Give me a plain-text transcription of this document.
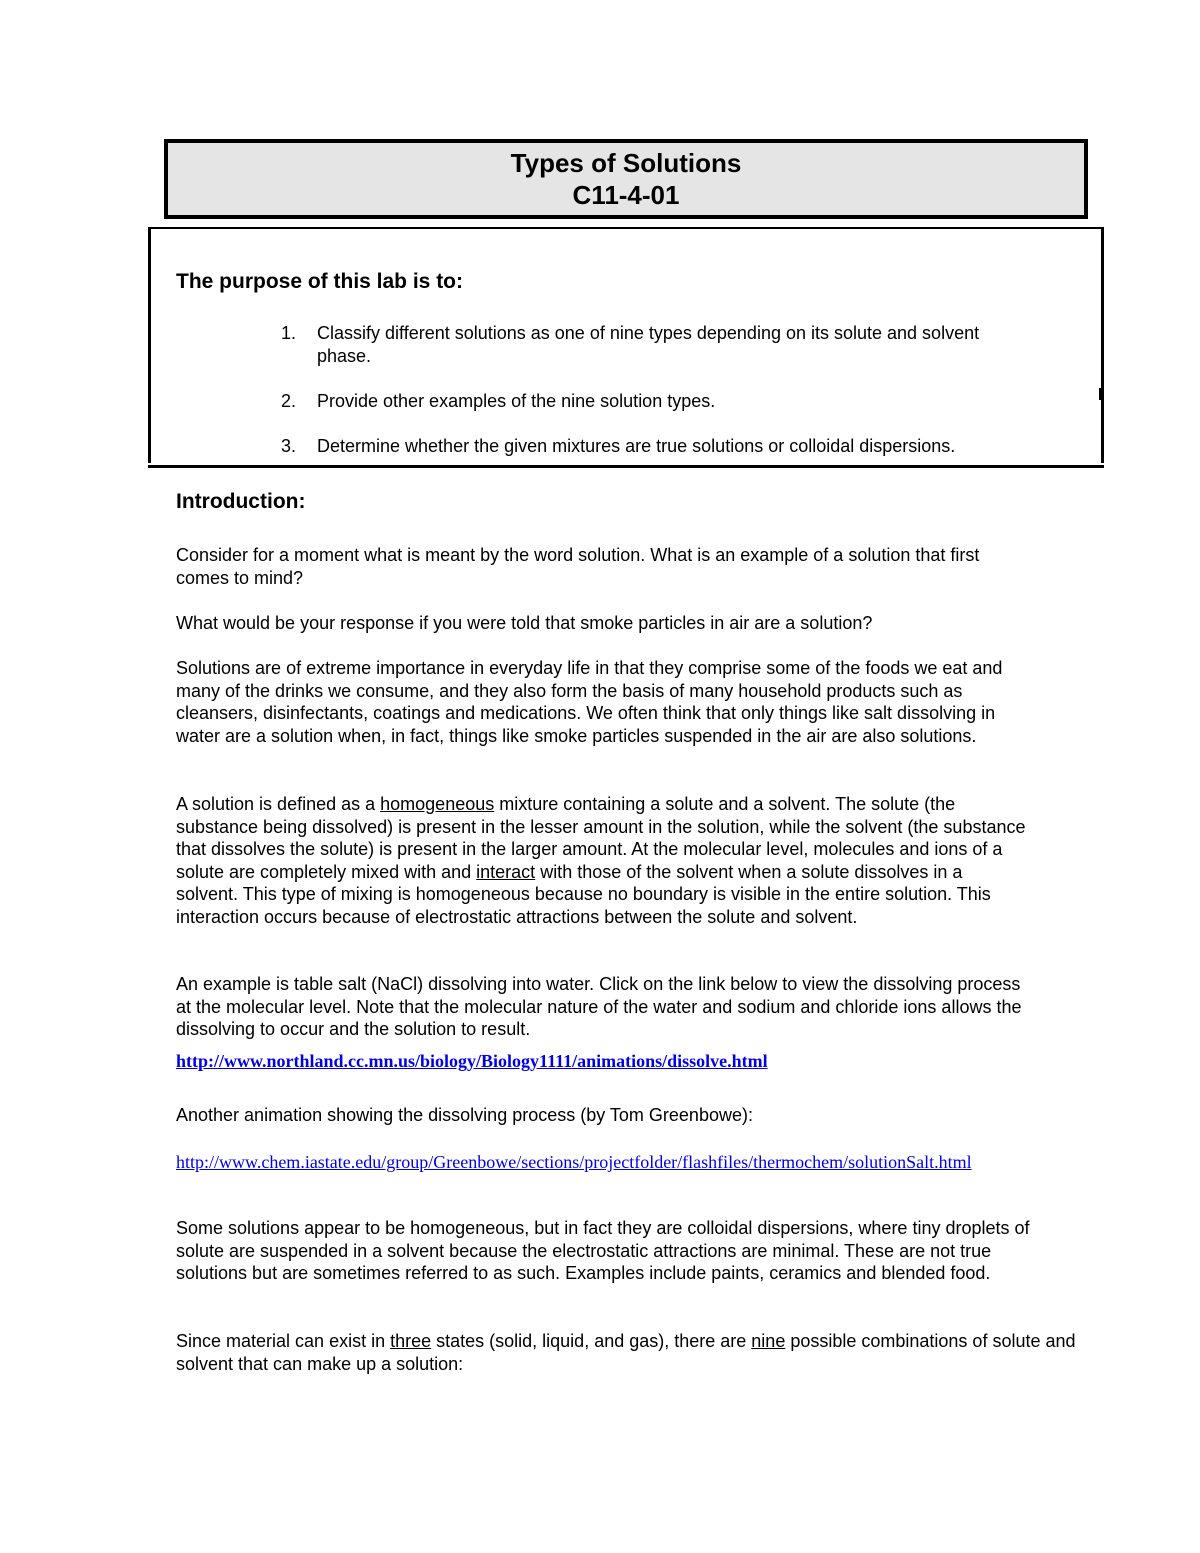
Types of Solutions
C11-4-01
The purpose of this lab is to:
1. Classify different solutions as one of nine types depending on its solute and solvent phase.
2. Provide other examples of the nine solution types.
3. Determine whether the given mixtures are true solutions or colloidal dispersions.
Introduction:
Consider for a moment what is meant by the word solution. What is an example of a solution that first comes to mind?
What would be your response if you were told that smoke particles in air are a solution?
Solutions are of extreme importance in everyday life in that they comprise some of the foods we eat and many of the drinks we consume, and they also form the basis of many household products such as cleansers, disinfectants, coatings and medications. We often think that only things like salt dissolving in water are a solution when, in fact, things like smoke particles suspended in the air are also solutions.
A solution is defined as a homogeneous mixture containing a solute and a solvent. The solute (the substance being dissolved) is present in the lesser amount in the solution, while the solvent (the substance that dissolves the solute) is present in the larger amount. At the molecular level, molecules and ions of a solute are completely mixed with and interact with those of the solvent when a solute dissolves in a solvent. This type of mixing is homogeneous because no boundary is visible in the entire solution. This interaction occurs because of electrostatic attractions between the solute and solvent.
An example is table salt (NaCl) dissolving into water. Click on the link below to view the dissolving process at the molecular level. Note that the molecular nature of the water and sodium and chloride ions allows the dissolving to occur and the solution to result.
http://www.northland.cc.mn.us/biology/Biology1111/animations/dissolve.html
Another animation showing the dissolving process (by Tom Greenbowe):
http://www.chem.iastate.edu/group/Greenbowe/sections/projectfolder/flashfiles/thermochem/solutionSalt.html
Some solutions appear to be homogeneous, but in fact they are colloidal dispersions, where tiny droplets of solute are suspended in a solvent because the electrostatic attractions are minimal. These are not true solutions but are sometimes referred to as such. Examples include paints, ceramics and blended food.
Since material can exist in three states (solid, liquid, and gas), there are nine possible combinations of solute and solvent that can make up a solution:
